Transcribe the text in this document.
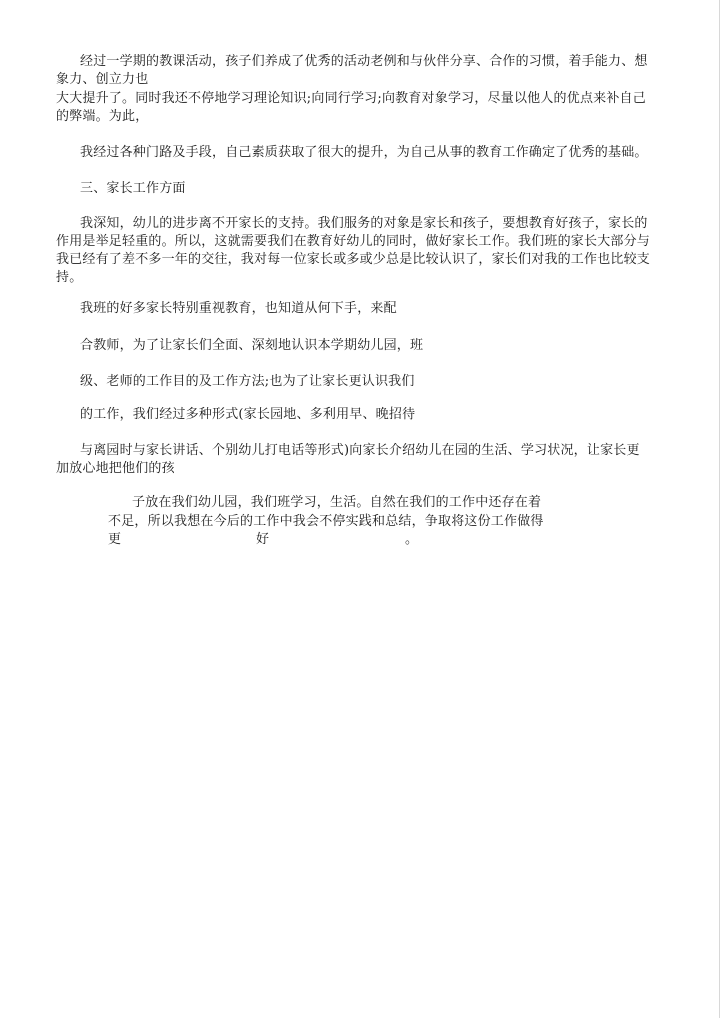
经过一学期的教课活动，孩子们养成了优秀的活动老例和与伙伴分享、合作的习惯，着手能力、想
象力、创立力也
大大提升了。同时我还不停地学习理论知识;向同行学习;向教育对象学习，尽量以他人的优点来补自己
的弊端。为此，
我经过各种门路及手段，自己素质获取了很大的提升，为自己从事的教育工作确定了优秀的基础。
三、家长工作方面
我深知，幼儿的进步离不开家长的支持。我们服务的对象是家长和孩子，要想教育好孩子，家长的
作用是举足轻重的。所以，这就需要我们在教育好幼儿的同时，做好家长工作。我们班的家长大部分与
我已经有了差不多一年的交往，我对每一位家长或多或少总是比较认识了，家长们对我的工作也比较支
持。
我班的好多家长特别重视教育，也知道从何下手，来配
合教师，为了让家长们全面、深刻地认识本学期幼儿园，班
级、老师的工作目的及工作方法;也为了让家长更认识我们
的工作，我们经过多种形式(家长园地、多利用早、晚招待
与离园时与家长讲话、个别幼儿打电话等形式)向家长介绍幼儿在园的生活、学习状况，让家长更
加放心地把他们的孩
子放在我们幼儿园，我们班学习，生活。自然在我们的工作中还存在着
不足，所以我想在今后的工作中我会不停实践和总结，争取将这份工作做得
更	好	。
